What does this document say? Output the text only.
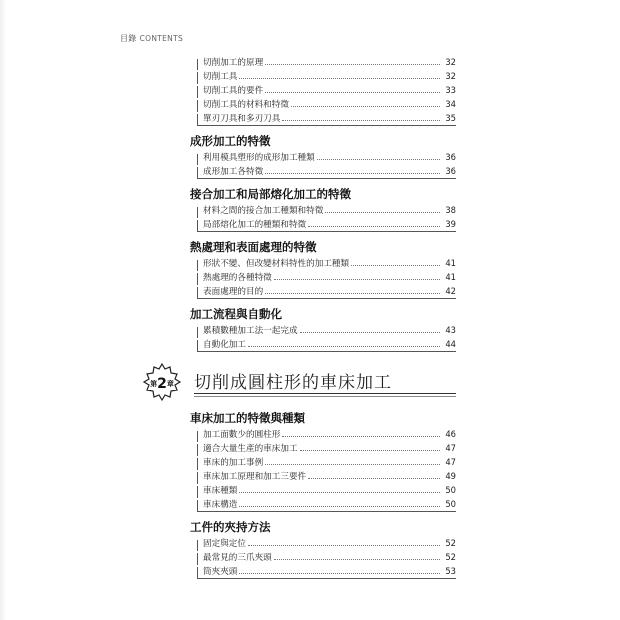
目錄 CONTENTS
切削加工的原理	32
切削工具	32
切削工具的要件	33
切削工具的材料和特徵	34
單刃刀具和多刃刀具	35
成形加工的特徵
利用模具塑形的成形加工種類	36
成形加工各特徵	36
接合加工和局部熔化加工的特徵
材料之間的接合加工種類和特徵	38
局部熔化加工的種類和特徵	39
熱處理和表面處理的特徵
形狀不變、但改變材料特性的加工種類	41
熱處理的各種特徵	41
表面處理的目的	42
加工流程與自動化
累積數種加工法一起完成	43
自動化加工	44
第2章	切削成圓柱形的車床加工
車床加工的特徵與種類
加工面數少的圓柱形	46
適合大量生產的車床加工	47
車床的加工事例	47
車床加工原理和加工三要件	49
車床種類	50
車床構造	50
工件的夾持方法
固定與定位	52
最常見的三爪夾頭	52
筒夾夾頭	53
